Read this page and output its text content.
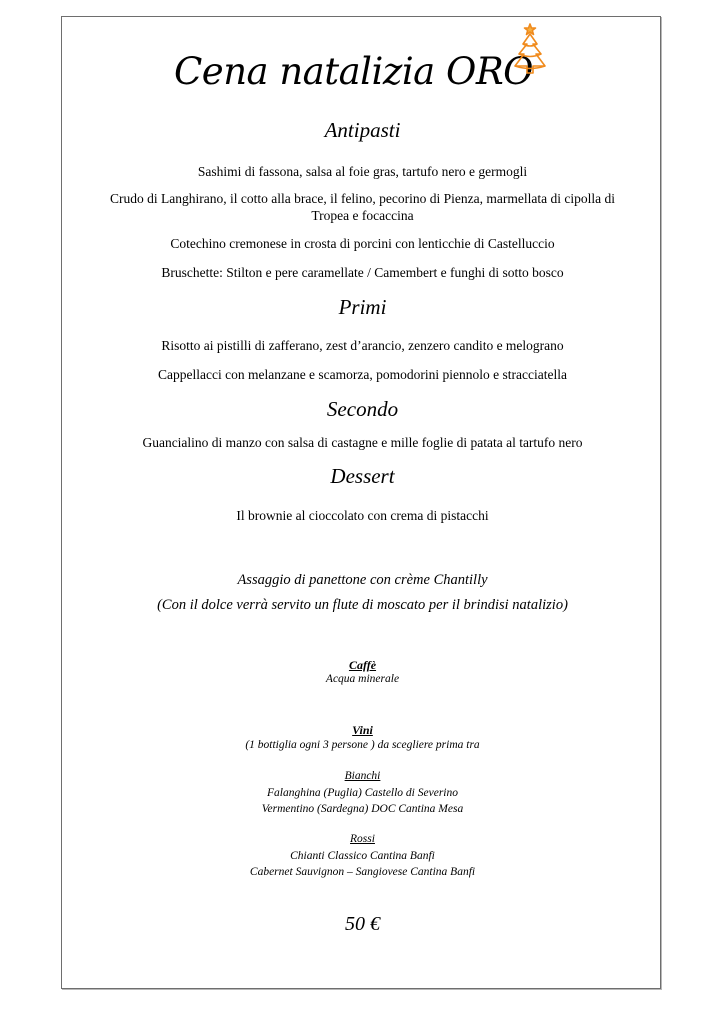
Cena natalizia ORO
Antipasti
Sashimi di fassona, salsa al foie gras, tartufo nero e germogli
Crudo di Langhirano, il cotto alla brace, il felino, pecorino di Pienza, marmellata di cipolla di
Tropea e focaccina
Cotechino cremonese in crosta di porcini con lenticchie di Castelluccio
Bruschette: Stilton e pere caramellate / Camembert e funghi di sotto bosco
Primi
Risotto ai pistilli di zafferano, zest d’arancio, zenzero candito e melograno
Cappellacci con melanzane e scamorza, pomodorini piennolo e stracciatella
Secondo
Guancialino di manzo con salsa di castagne e mille foglie di patata al tartufo nero
Dessert
Il brownie al cioccolato con crema di pistacchi
Assaggio di panettone con crème Chantilly
(Con il dolce verrà servito un flute di moscato per il brindisi natalizio)
Caffè
Acqua minerale
Vini
(1 bottiglia ogni 3 persone ) da scegliere prima tra
Bianchi
Falanghina (Puglia) Castello di Severino
Vermentino (Sardegna) DOC Cantina Mesa
Rossi
Chianti Classico Cantina Banfi
Cabernet Sauvignon – Sangiovese Cantina Banfi
50 €
